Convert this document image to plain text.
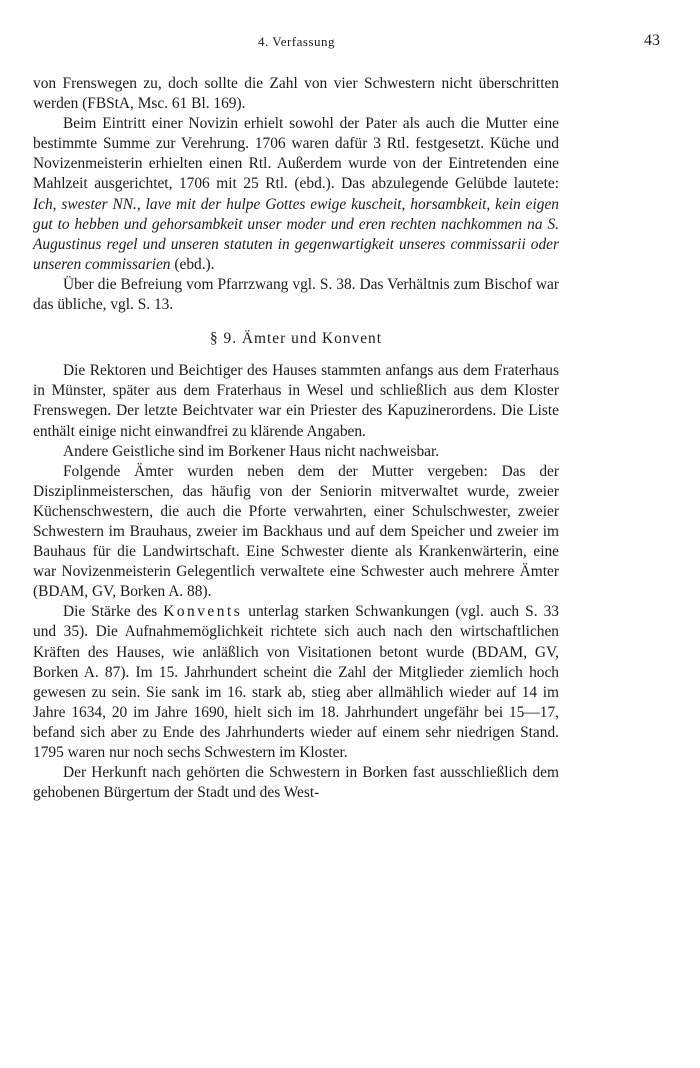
4. Verfassung	43

von Frenswegen zu, doch sollte die Zahl von vier Schwestern nicht überschritten werden (FBStA, Msc. 61 Bl. 169).

Beim Eintritt einer Novizin erhielt sowohl der Pater als auch die Mutter eine bestimmte Summe zur Verehrung. 1706 waren dafür 3 Rtl. festgesetzt. Küche und Novizenmeisterin erhielten einen Rtl. Außerdem wurde von der Eintretenden eine Mahlzeit ausgerichtet, 1706 mit 25 Rtl. (ebd.). Das abzulegende Gelübde lautete: Ich, swester NN., lave mit der hulpe Gottes ewige kuscheit, horsambkeit, kein eigen gut to hebben und gehorsambkeit unser moder und eren rechten nachkommen na S. Augustinus regel und unseren statuten in gegenwartigkeit unseres commissarii oder unseren commissarien (ebd.).

Über die Befreiung vom Pfarrzwang vgl. S. 38. Das Verhältnis zum Bischof war das übliche, vgl. S. 13.

§ 9. Ämter und Konvent

Die Rektoren und Beichtiger des Hauses stammten anfangs aus dem Fraterhaus in Münster, später aus dem Fraterhaus in Wesel und schließlich aus dem Kloster Frenswegen. Der letzte Beichtvater war ein Priester des Kapuzinerordens. Die Liste enthält einige nicht einwandfrei zu klärende Angaben.

Andere Geistliche sind im Borkener Haus nicht nachweisbar.

Folgende Ämter wurden neben dem der Mutter vergeben: Das der Disziplinmeisterschen, das häufig von der Seniorin mitverwaltet wurde, zweier Küchenschwestern, die auch die Pforte verwahrten, einer Schulschwester, zweier Schwestern im Brauhaus, zweier im Backhaus und auf dem Speicher und zweier im Bauhaus für die Landwirtschaft. Eine Schwester diente als Krankenwärterin, eine war Novizenmeisterin Gelegentlich verwaltete eine Schwester auch mehrere Ämter (BDAM, GV, Borken A. 88).

Die Stärke des Konvents unterlag starken Schwankungen (vgl. auch S. 33 und 35). Die Aufnahmemöglichkeit richtete sich auch nach den wirtschaftlichen Kräften des Hauses, wie anläßlich von Visitationen betont wurde (BDAM, GV, Borken A. 87). Im 15. Jahrhundert scheint die Zahl der Mitglieder ziemlich hoch gewesen zu sein. Sie sank im 16. stark ab, stieg aber allmählich wieder auf 14 im Jahre 1634, 20 im Jahre 1690, hielt sich im 18. Jahrhundert ungefähr bei 15—17, befand sich aber zu Ende des Jahrhunderts wieder auf einem sehr niedrigen Stand. 1795 waren nur noch sechs Schwestern im Kloster.

Der Herkunft nach gehörten die Schwestern in Borken fast ausschließlich dem gehobenen Bürgertum der Stadt und des West-
